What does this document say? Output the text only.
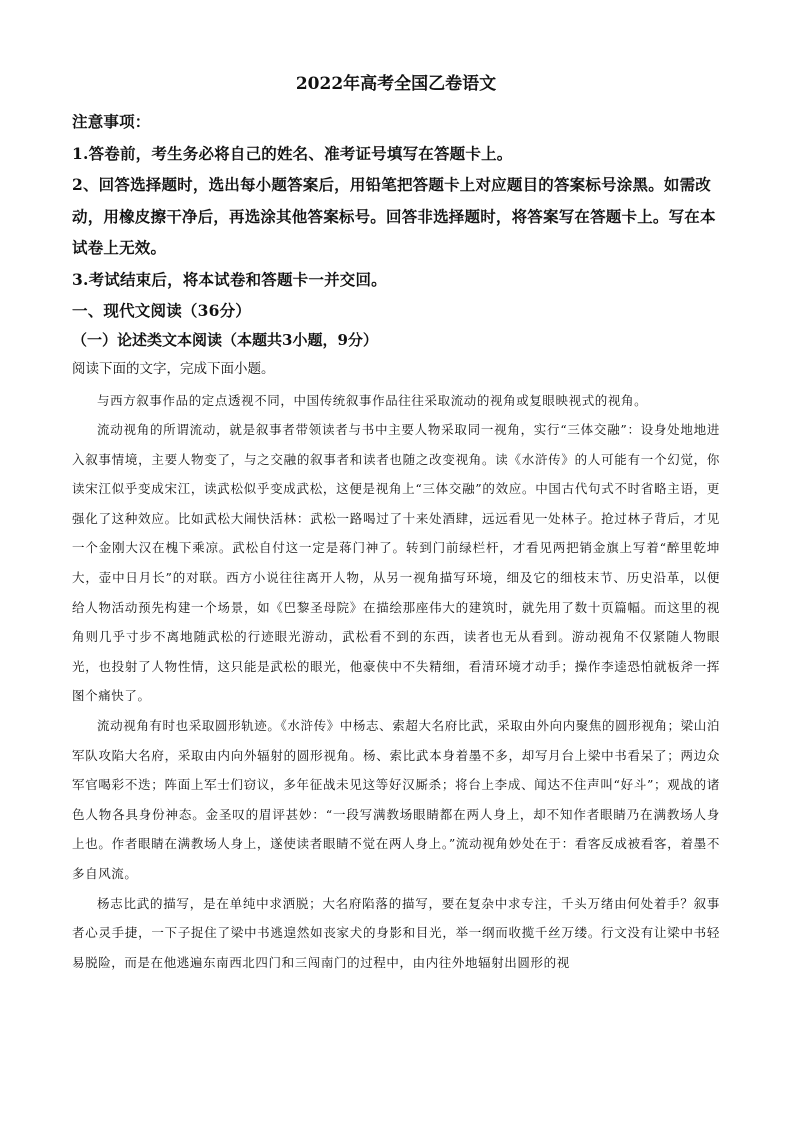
2022年高考全国乙卷语文

注意事项：

1.答卷前，考生务必将自己的姓名、准考证号填写在答题卡上。

2、回答选择题时，选出每小题答案后，用铅笔把答题卡上对应题目的答案标号涂黑。如需改动，用橡皮擦干净后，再选涂其他答案标号。回答非选择题时，将答案写在答题卡上。写在本试卷上无效。

3.考试结束后，将本试卷和答题卡一并交回。

一、现代文阅读（36分）

（一）论述类文本阅读（本题共3小题，9分）

阅读下面的文字，完成下面小题。

与西方叙事作品的定点透视不同，中国传统叙事作品往往采取流动的视角或复眼映视式的视角。

流动视角的所谓流动，就是叙事者带领读者与书中主要人物采取同一视角，实行“三体交融”：设身处地地进入叙事情境，主要人物变了，与之交融的叙事者和读者也随之改变视角。读《水浒传》的人可能有一个幻觉，你读宋江似乎变成宋江，读武松似乎变成武松，这便是视角上“三体交融”的效应。中国古代句式不时省略主语，更强化了这种效应。比如武松大闹快活林：武松一路喝过了十来处酒肆，远远看见一处林子。抢过林子背后，才见一个金刚大汉在槐下乘凉。武松自付这一定是蒋门神了。转到门前绿栏杆，才看见两把销金旗上写着“醉里乾坤大，壶中日月长”的对联。西方小说往往离开人物，从另一视角描写环境，细及它的细枝末节、历史沿革，以便给人物活动预先构建一个场景，如《巴黎圣母院》在描绘那座伟大的建筑时，就先用了数十页篇幅。而这里的视角则几乎寸步不离地随武松的行迹眼光游动，武松看不到的东西，读者也无从看到。游动视角不仅紧随人物眼光，也投射了人物性情，这只能是武松的眼光，他豪侠中不失精细，看清环境才动手；操作李逵恐怕就板斧一挥图个痛快了。

流动视角有时也采取圆形轨迹。《水浒传》中杨志、索超大名府比武，采取由外向内聚焦的圆形视角；梁山泊军队攻陷大名府，采取由内向外辐射的圆形视角。杨、索比武本身着墨不多，却写月台上梁中书看呆了；两边众军官喝彩不迭；阵面上军士们窃议，多年征战未见这等好汉厮杀；将台上李成、闻达不住声叫“好斗”；观战的诸色人物各具身份神态。金圣叹的眉评甚妙：“一段写满教场眼睛都在两人身上，却不知作者眼睛乃在满教场人身上也。作者眼睛在满教场人身上，遂使读者眼睛不觉在两人身上。”流动视角妙处在于：看客反成被看客，着墨不多自风流。

杨志比武的描写，是在单纯中求洒脱；大名府陷落的描写，要在复杂中求专注，千头万绪由何处着手？叙事者心灵手捷，一下子捉住了梁中书逃遑然如丧家犬的身影和目光，举一纲而收揽千丝万缕。行文没有让梁中书轻易脱险，而是在他逃遍东南西北四门和三闯南门的过程中，由内往外地辐射出圆形的视
